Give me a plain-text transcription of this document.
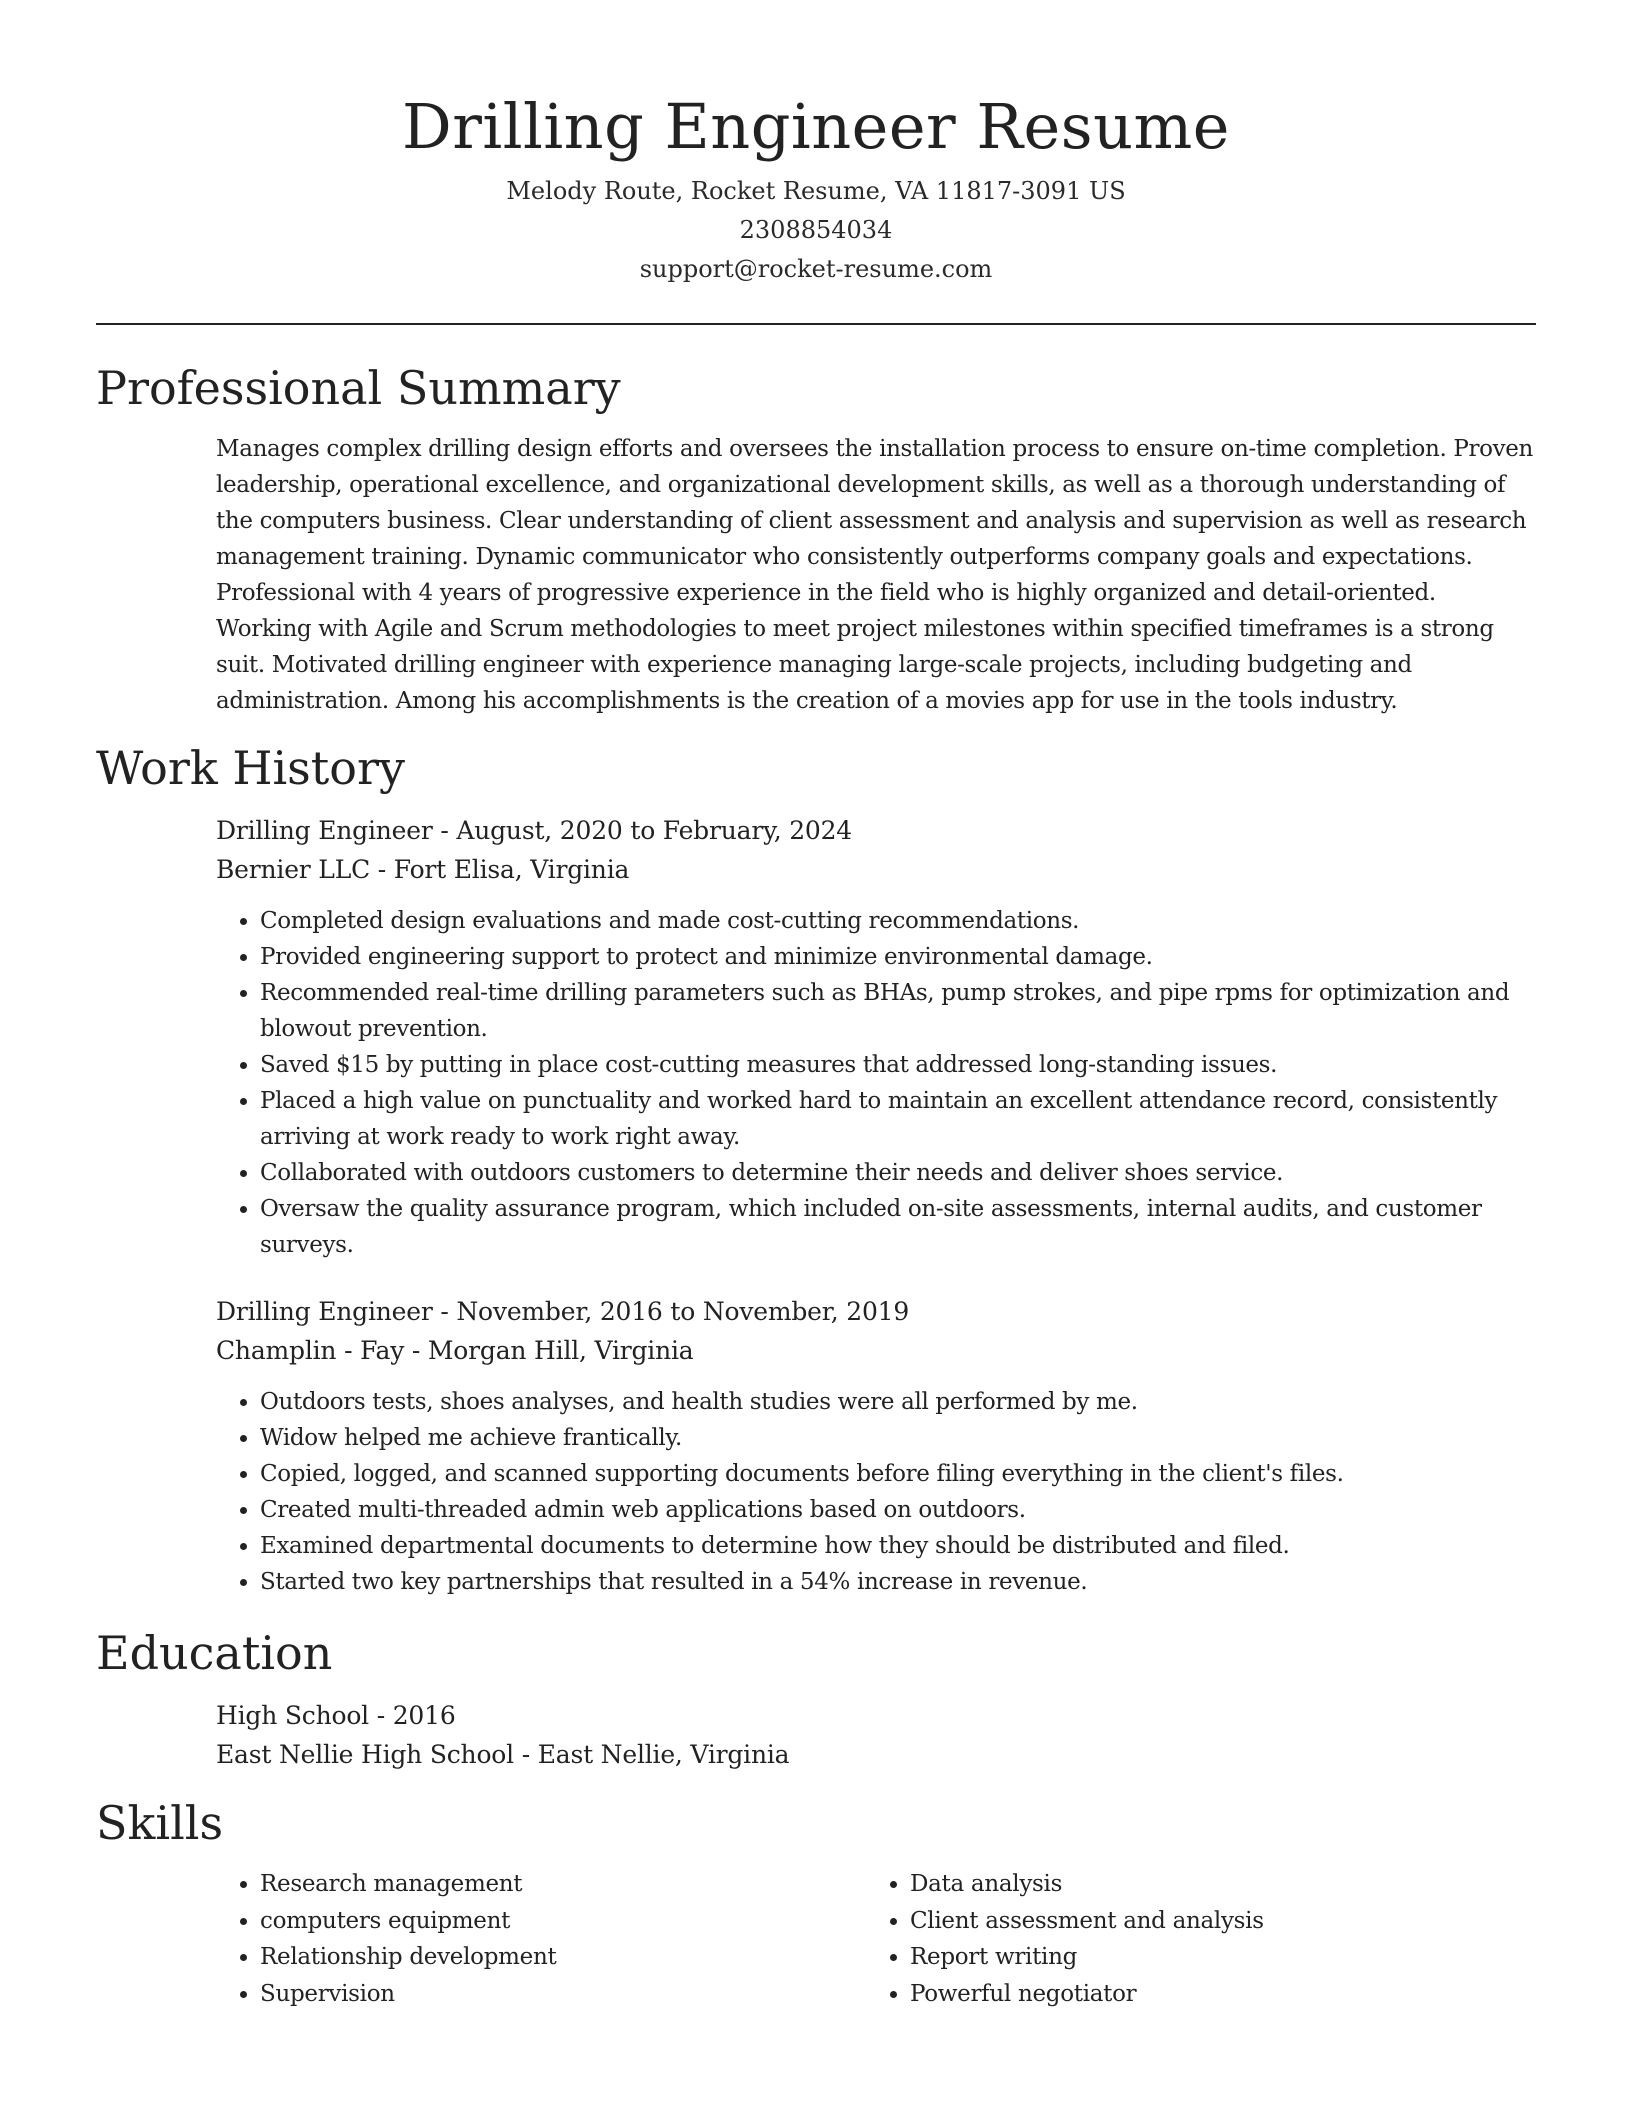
Drilling Engineer Resume
Melody Route, Rocket Resume, VA 11817-3091 US
2308854034
support@rocket-resume.com
Professional Summary

Manages complex drilling design efforts and oversees the installation process to ensure on-time completion. Proven leadership, operational excellence, and organizational development skills, as well as a thorough understanding of the computers business. Clear understanding of client assessment and analysis and supervision as well as research management training. Dynamic communicator who consistently outperforms company goals and expectations. Professional with 4 years of progressive experience in the field who is highly organized and detail-oriented. Working with Agile and Scrum methodologies to meet project milestones within specified timeframes is a strong suit. Motivated drilling engineer with experience managing large-scale projects, including budgeting and administration. Among his accomplishments is the creation of a movies app for use in the tools industry.

Work History
Drilling Engineer - August, 2020 to February, 2024
Bernier LLC - Fort Elisa, Virginia
• Completed design evaluations and made cost-cutting recommendations.
• Provided engineering support to protect and minimize environmental damage.
• Recommended real-time drilling parameters such as BHAs, pump strokes, and pipe rpms for optimization and blowout prevention.
• Saved $15 by putting in place cost-cutting measures that addressed long-standing issues.
• Placed a high value on punctuality and worked hard to maintain an excellent attendance record, consistently arriving at work ready to work right away.
• Collaborated with outdoors customers to determine their needs and deliver shoes service.
• Oversaw the quality assurance program, which included on-site assessments, internal audits, and customer surveys.
Drilling Engineer - November, 2016 to November, 2019
Champlin - Fay - Morgan Hill, Virginia
• Outdoors tests, shoes analyses, and health studies were all performed by me.
• Widow helped me achieve frantically.
• Copied, logged, and scanned supporting documents before filing everything in the client's files.
• Created multi-threaded admin web applications based on outdoors.
• Examined departmental documents to determine how they should be distributed and filed.
• Started two key partnerships that resulted in a 54% increase in revenue.
Education
High School - 2016
East Nellie High School - East Nellie, Virginia
Skills
• Research management
• computers equipment
• Relationship development
• Supervision
• Data analysis
• Client assessment and analysis
• Report writing
• Powerful negotiator
